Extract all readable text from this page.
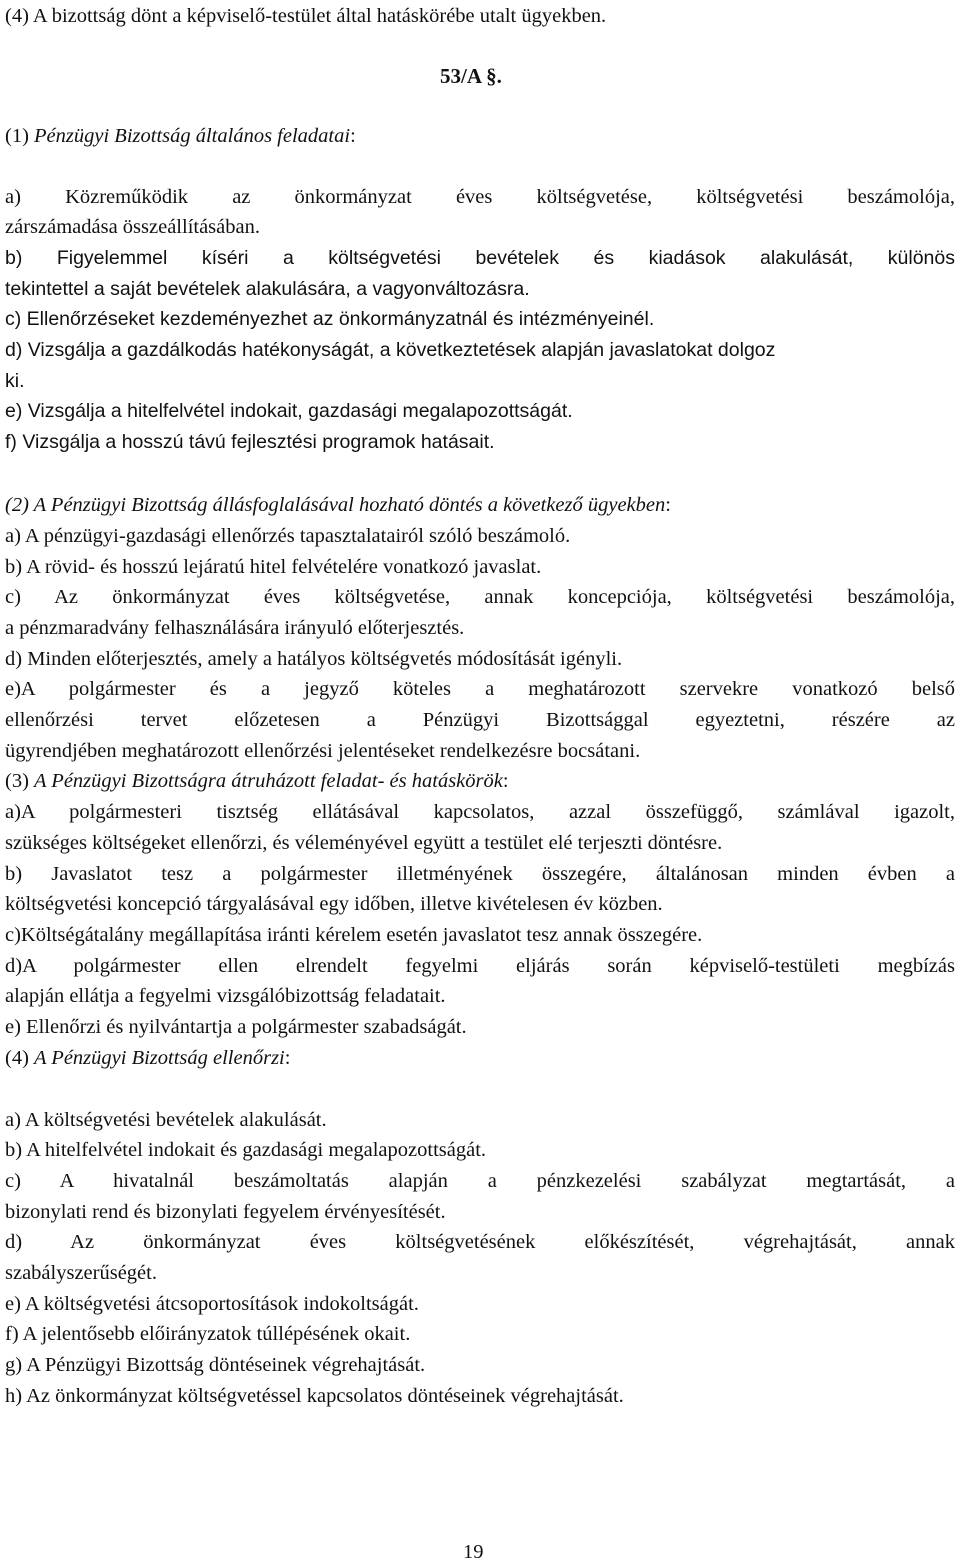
(4) A bizottság dönt a képviselő-testület által hatáskörébe utalt ügyekben.
53/A §.
(1) Pénzügyi Bizottság általános feladatai:
a) Közreműködik az önkormányzat éves költségvetése, költségvetési beszámolója,
zárszámadása összeállításában.
b) Figyelemmel kíséri a költségvetési bevételek és kiadások alakulását, különös
tekintettel a saját bevételek alakulására, a vagyonváltozásra.
c) Ellenőrzéseket kezdeményezhet az önkormányzatnál és intézményeinél.
d) Vizsgálja a gazdálkodás hatékonyságát, a következtetések alapján javaslatokat dolgoz
ki.
e) Vizsgálja a hitelfelvétel indokait, gazdasági megalapozottságát.
f) Vizsgálja a hosszú távú fejlesztési programok hatásait.
(2) A Pénzügyi Bizottság állásfoglalásával hozható döntés a következő ügyekben:
a) A pénzügyi-gazdasági ellenőrzés tapasztalatairól szóló beszámoló.
b) A rövid- és hosszú lejáratú hitel felvételére vonatkozó javaslat.
c) Az önkormányzat éves költségvetése, annak koncepciója, költségvetési beszámolója,
a pénzmaradvány felhasználására irányuló előterjesztés.
d) Minden előterjesztés, amely a hatályos költségvetés módosítását igényli.
e)A polgármester és a jegyző köteles a meghatározott szervekre vonatkozó belső
ellenőrzési tervet előzetesen a Pénzügyi Bizottsággal egyeztetni, részére az
ügyrendjében meghatározott ellenőrzési jelentéseket rendelkezésre bocsátani.
(3) A Pénzügyi Bizottságra átruházott feladat- és hatáskörök:
a)A polgármesteri tisztség ellátásával kapcsolatos, azzal összefüggő, számlával igazolt,
szükséges költségeket ellenőrzi, és véleményével együtt a testület elé terjeszti döntésre.
b) Javaslatot tesz a polgármester illetményének összegére, általánosan minden évben a
költségvetési koncepció tárgyalásával egy időben, illetve kivételesen év közben.
c)Költségátalány megállapítása iránti kérelem esetén javaslatot tesz annak összegére.
d)A polgármester ellen elrendelt fegyelmi eljárás során képviselő-testületi megbízás
alapján ellátja a fegyelmi vizsgálóbizottság feladatait.
e) Ellenőrzi és nyilvántartja a polgármester szabadságát.
(4) A Pénzügyi Bizottság ellenőrzi:
a) A költségvetési bevételek alakulását.
b) A hitelfelvétel indokait és gazdasági megalapozottságát.
c) A hivatalnál beszámoltatás alapján a pénzkezelési szabályzat megtartását, a
bizonylati rend és bizonylati fegyelem érvényesítését.
d) Az önkormányzat éves költségvetésének előkészítését, végrehajtását, annak
szabályszerűségét.
e) A költségvetési átcsoportosítások indokoltságát.
f) A jelentősebb előirányzatok túllépésének okait.
g) A Pénzügyi Bizottság döntéseinek végrehajtását.
h) Az önkormányzat költségvetéssel kapcsolatos döntéseinek végrehajtását.
19
